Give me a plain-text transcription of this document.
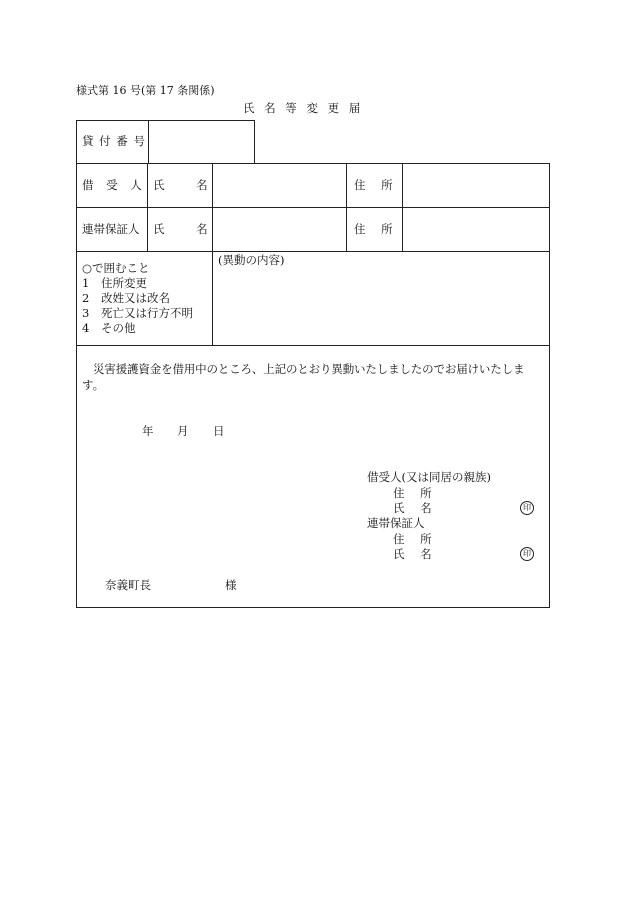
様式第 16 号(第 17 条関係)
氏 名 等 変 更 届
貸 付 番 号
借 受 人 氏 名	住 所
連帯保証人 氏 名	住 所
○で囲むこと
1 住所変更
2 改姓又は改名
3 死亡又は行方不明
4 その他
(異動の内容)
災害援護資金を借用中のところ、上記のとおり異動いたしましたのでお届けいたしま
す。
年 月 日
借受人(又は同居の親族)
住 所
氏 名	印
連帯保証人
住 所
氏 名	印
奈義町長	様
